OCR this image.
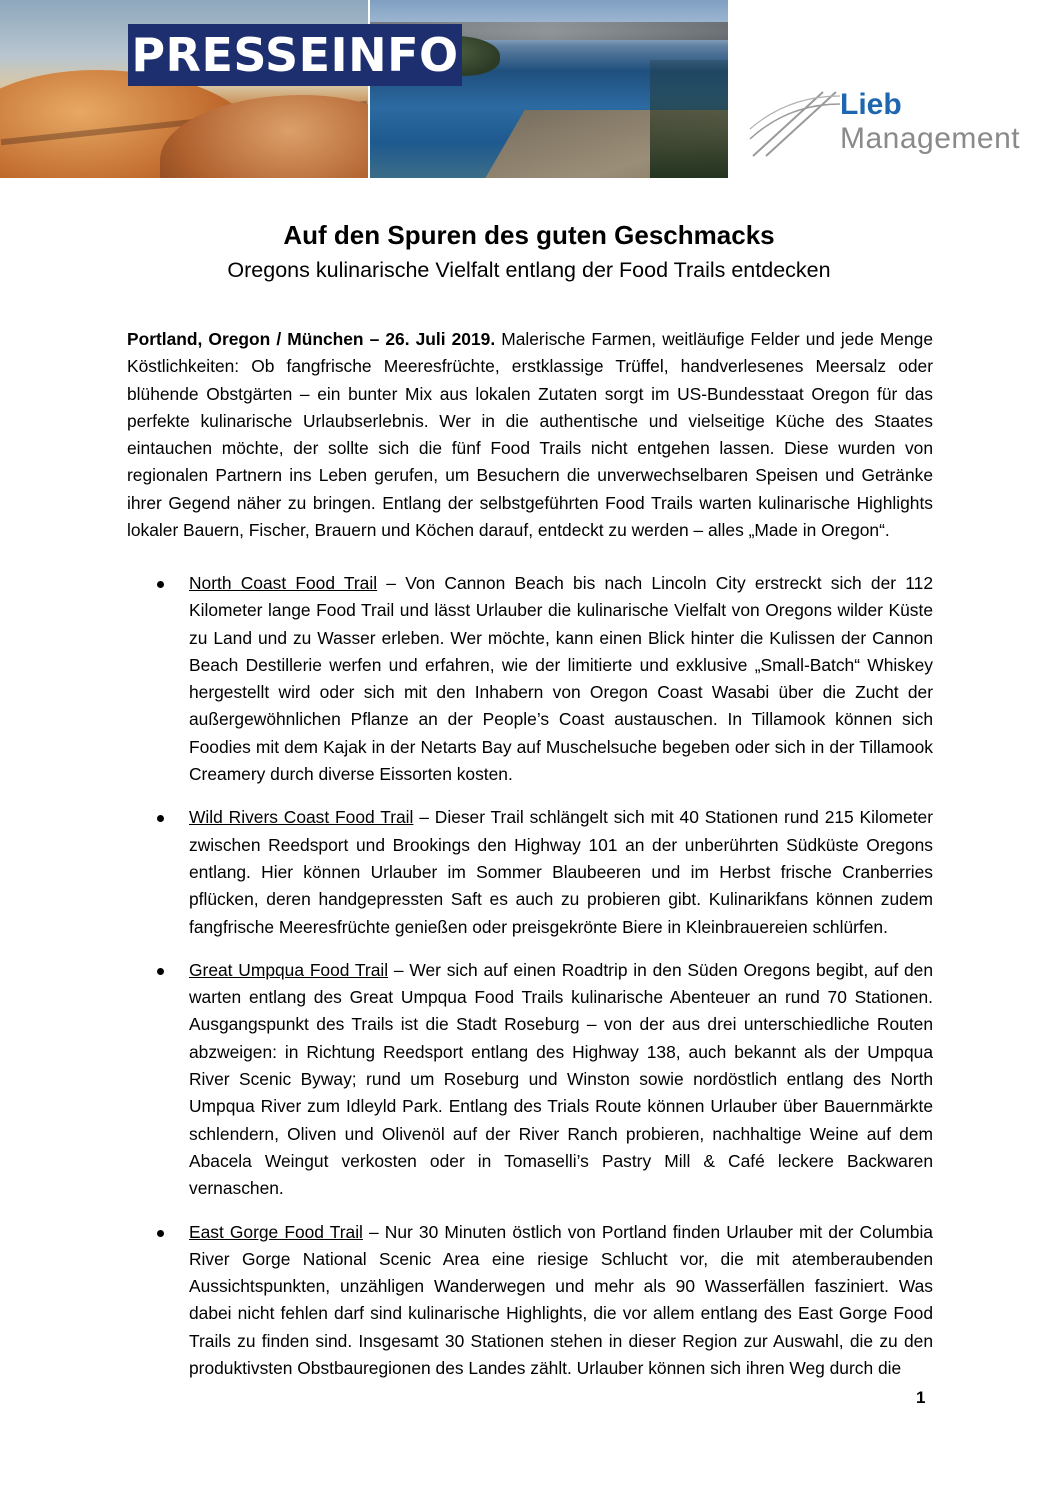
PRESSEINFO
Lieb
Management
Auf den Spuren des guten Geschmacks
Oregons kulinarische Vielfalt entlang der Food Trails entdecken

Portland, Oregon / München – 26. Juli 2019. Malerische Farmen, weitläufige Felder und jede Menge Köstlichkeiten: Ob fangfrische Meeresfrüchte, erstklassige Trüffel, handverlesenes Meersalz oder blühende Obstgärten – ein bunter Mix aus lokalen Zutaten sorgt im US-Bundesstaat Oregon für das perfekte kulinarische Urlaubserlebnis. Wer in die authentische und vielseitige Küche des Staates eintauchen möchte, der sollte sich die fünf Food Trails nicht entgehen lassen. Diese wurden von regionalen Partnern ins Leben gerufen, um Besuchern die unverwechselbaren Speisen und Getränke ihrer Gegend näher zu bringen. Entlang der selbstgeführten Food Trails warten kulinarische Highlights lokaler Bauern, Fischer, Brauern und Köchen darauf, entdeckt zu werden – alles „Made in Oregon“.

North Coast Food Trail – Von Cannon Beach bis nach Lincoln City erstreckt sich der 112 Kilometer lange Food Trail und lässt Urlauber die kulinarische Vielfalt von Oregons wilder Küste zu Land und zu Wasser erleben. Wer möchte, kann einen Blick hinter die Kulissen der Cannon Beach Destillerie werfen und erfahren, wie der limitierte und exklusive „Small-Batch“ Whiskey hergestellt wird oder sich mit den Inhabern von Oregon Coast Wasabi über die Zucht der außergewöhnlichen Pflanze an der People’s Coast austauschen. In Tillamook können sich Foodies mit dem Kajak in der Netarts Bay auf Muschelsuche begeben oder sich in der Tillamook Creamery durch diverse Eissorten kosten.
Wild Rivers Coast Food Trail – Dieser Trail schlängelt sich mit 40 Stationen rund 215 Kilometer zwischen Reedsport und Brookings den Highway 101 an der unberührten Südküste Oregons entlang. Hier können Urlauber im Sommer Blaubeeren und im Herbst frische Cranberries pflücken, deren handgepressten Saft es auch zu probieren gibt. Kulinarikfans können zudem fangfrische Meeresfrüchte genießen oder preisgekrönte Biere in Kleinbrauereien schlürfen.
Great Umpqua Food Trail – Wer sich auf einen Roadtrip in den Süden Oregons begibt, auf den warten entlang des Great Umpqua Food Trails kulinarische Abenteuer an rund 70 Stationen. Ausgangspunkt des Trails ist die Stadt Roseburg – von der aus drei unterschiedliche Routen abzweigen: in Richtung Reedsport entlang des Highway 138, auch bekannt als der Umpqua River Scenic Byway; rund um Roseburg und Winston sowie nordöstlich entlang des North Umpqua River zum Idleyld Park. Entlang des Trials Route können Urlauber über Bauernmärkte schlendern, Oliven und Olivenöl auf der River Ranch probieren, nachhaltige Weine auf dem Abacela Weingut verkosten oder in Tomaselli’s Pastry Mill & Café leckere Backwaren vernaschen.
East Gorge Food Trail – Nur 30 Minuten östlich von Portland finden Urlauber mit der Columbia River Gorge National Scenic Area eine riesige Schlucht vor, die mit atemberaubenden Aussichtspunkten, unzähligen Wanderwegen und mehr als 90 Wasserfällen fasziniert. Was dabei nicht fehlen darf sind kulinarische Highlights, die vor allem entlang des East Gorge Food Trails zu finden sind. Insgesamt 30 Stationen stehen in dieser Region zur Auswahl, die zu den produktivsten Obstbauregionen des Landes zählt. Urlauber können sich ihren Weg durch die
1
